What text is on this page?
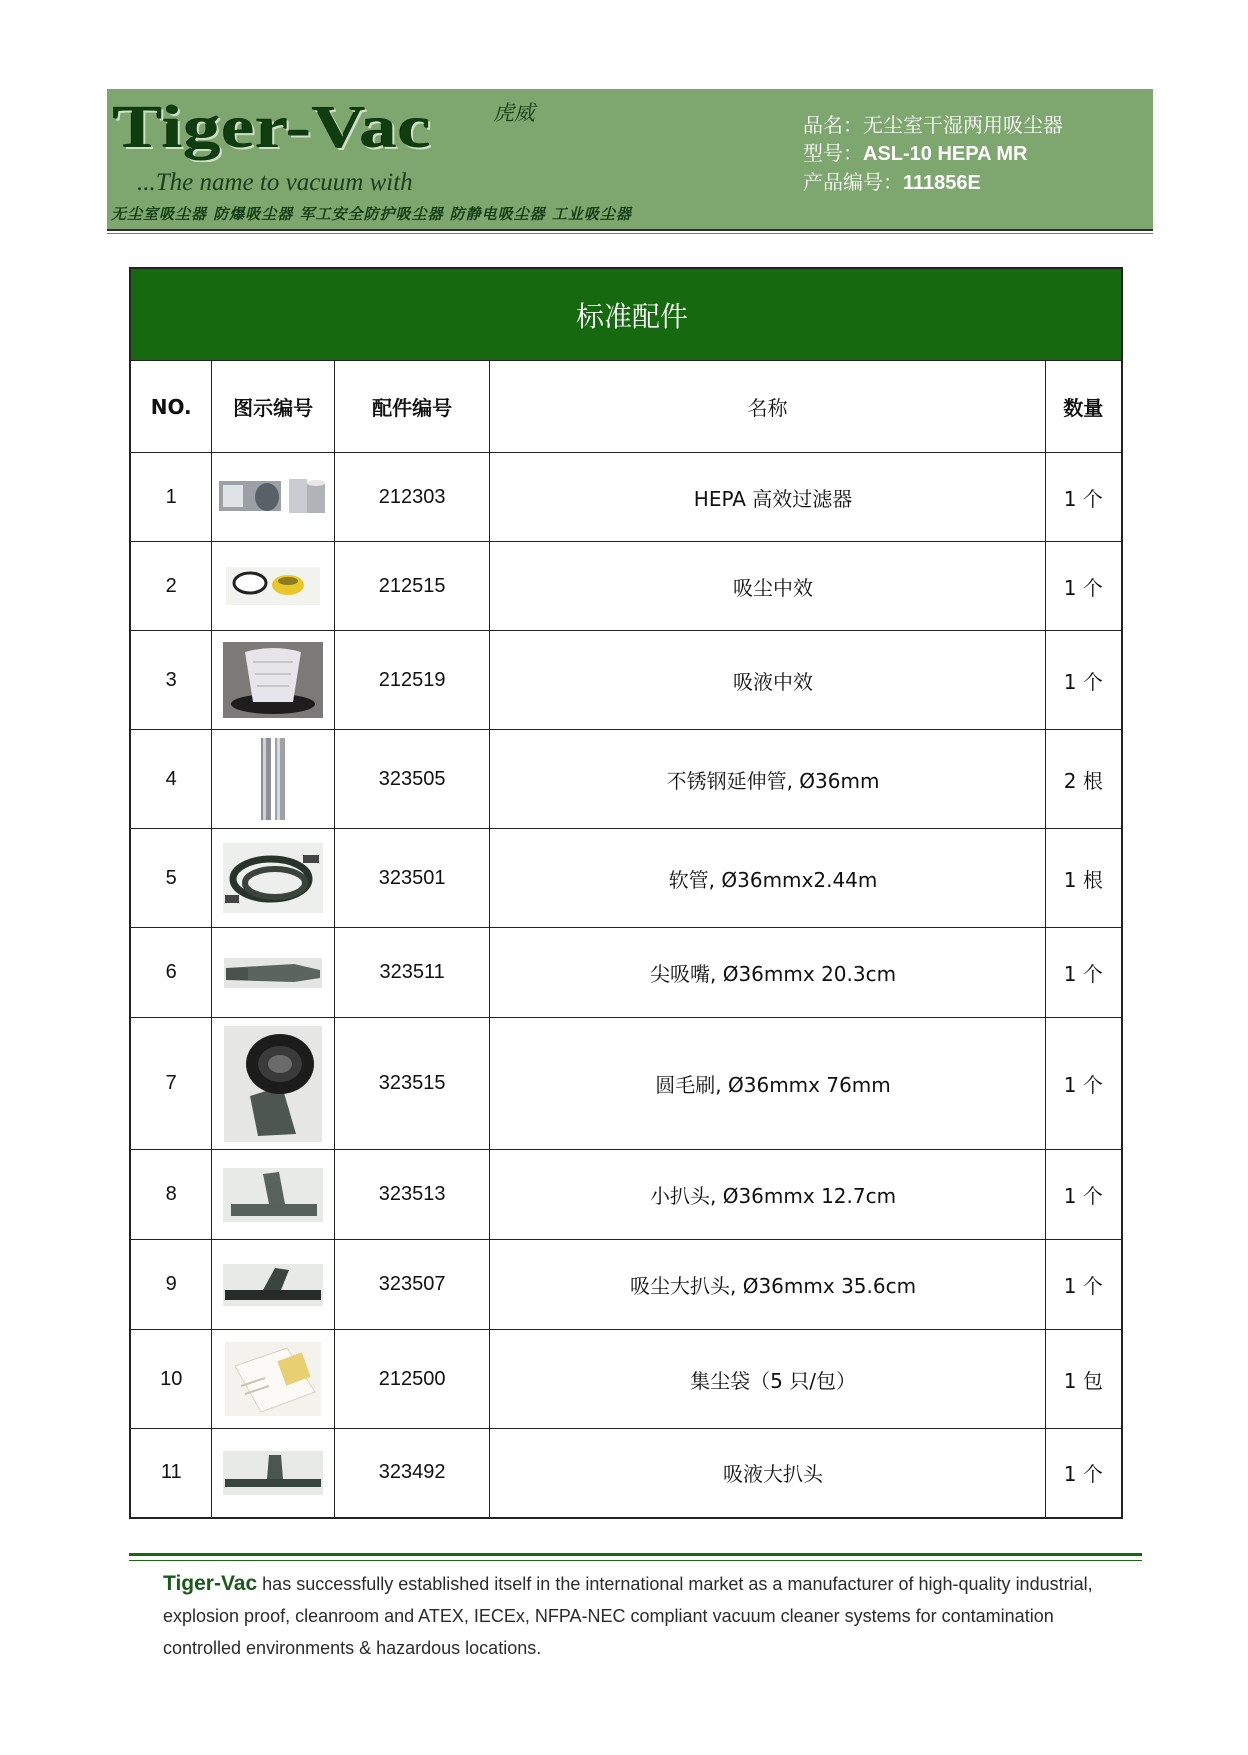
Tiger-Vac	虎威
...The name to vacuum with
无尘室吸尘器 防爆吸尘器 军工安全防护吸尘器 防静电吸尘器 工业吸尘器
品名：无尘室干湿两用吸尘器
型号：ASL-10 HEPA MR
产品编号：111856E
标准配件				
NO.	图示编号	配件编号	名称	数量
1		212303	HEPA 高效过滤器	1 个
2		212515	吸尘中效	1 个
3		212519	吸液中效	1 个
4		323505	不锈钢延伸管, Ø36mm	2 根
5		323501	软管, Ø36mmx2.44m	1 根
6		323511	尖吸嘴, Ø36mmx 20.3cm	1 个
7		323515	圆毛刷, Ø36mmx 76mm	1 个
8		323513	小扒头, Ø36mmx 12.7cm	1 个
9		323507	吸尘大扒头, Ø36mmx 35.6cm	1 个
10		212500	集尘袋（5 只/包）	1 包
11		323492	吸液大扒头	1 个
Tiger-Vac has successfully established itself in the international market as a manufacturer of high-quality industrial, explosion proof, cleanroom and ATEX, IECEx, NFPA-NEC compliant vacuum cleaner systems for contamination controlled environments & hazardous locations.
